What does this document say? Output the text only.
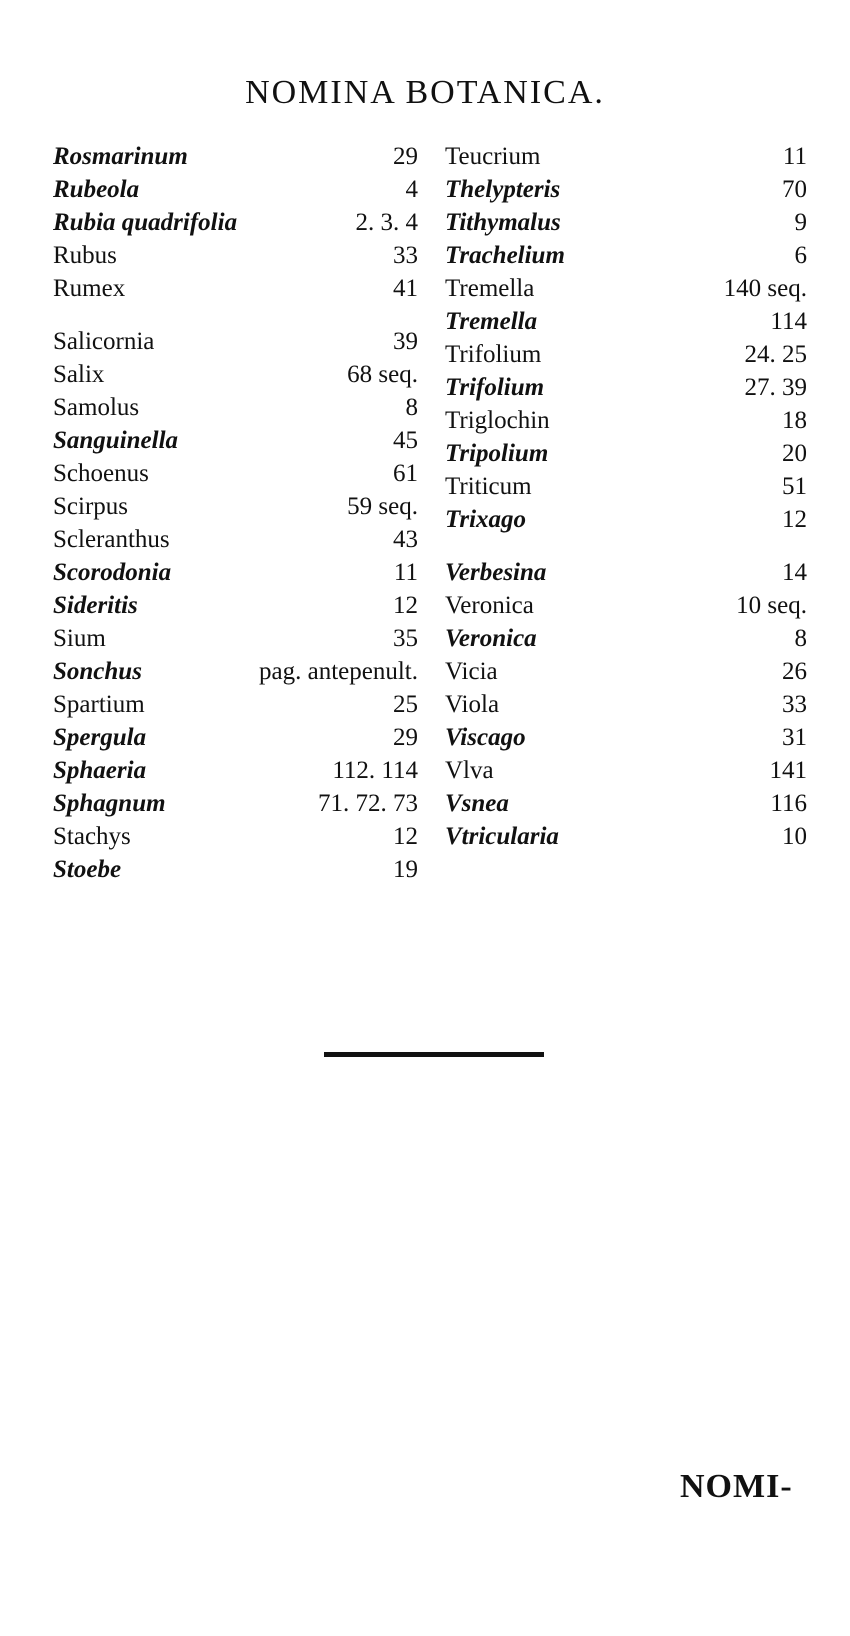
NOMINA BOTANICA.
Rosmarinum	29
Rubeola	4
Rubia quadrifolia	2. 3. 4
Rubus	33
Rumex	41
Salicornia	39
Salix	68 seq.
Samolus	8
Sanguinella	45
Schoenus	61
Scirpus	59 seq.
Scleranthus	43
Scorodonia	11
Sideritis	12
Sium	35
Sonchus	pag. antepenult.
Spartium	25
Spergula	29
Sphaeria	112. 114
Sphagnum	71. 72. 73
Stachys	12
Stoebe	19
Teucrium	11
Thelypteris	70
Tithymalus	9
Trachelium	6
Tremella	140 seq.
Tremella	114
Trifolium	24. 25
Trifolium	27. 39
Triglochin	18
Tripolium	20
Triticum	51
Trixago	12
Verbesina	14
Veronica	10 seq.
Veronica	8
Vicia	26
Viola	33
Viscago	31
Vlva	141
Vsnea	116
Vtricularia	10
NOMI-
